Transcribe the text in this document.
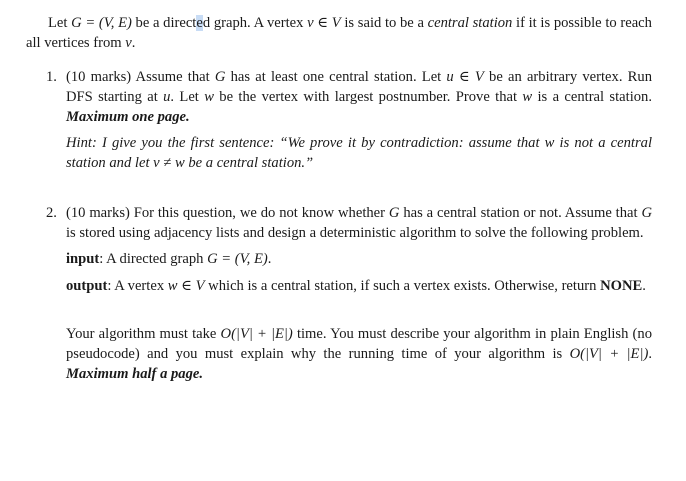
Let G = (V, E) be a directed graph. A vertex v ∈ V is said to be a central station if it is possible to reach all vertices from v.

1. (10 marks) Assume that G has at least one central station. Let u ∈ V be an arbitrary vertex. Run DFS starting at u. Let w be the vertex with largest postnumber. Prove that w is a central station. Maximum one page.

Hint: I give you the first sentence: “We prove it by contradiction: assume that w is not a central station and let v ≠ w be a central station.”

2. (10 marks) For this question, we do not know whether G has a central station or not. Assume that G is stored using adjacency lists and design a deterministic algorithm to solve the following problem.

input: A directed graph G = (V, E).

output: A vertex w ∈ V which is a central station, if such a vertex exists. Otherwise, return NONE.

Your algorithm must take O(|V| + |E|) time. You must describe your algorithm in plain English (no pseudocode) and you must explain why the running time of your algorithm is O(|V| + |E|). Maximum half a page.
